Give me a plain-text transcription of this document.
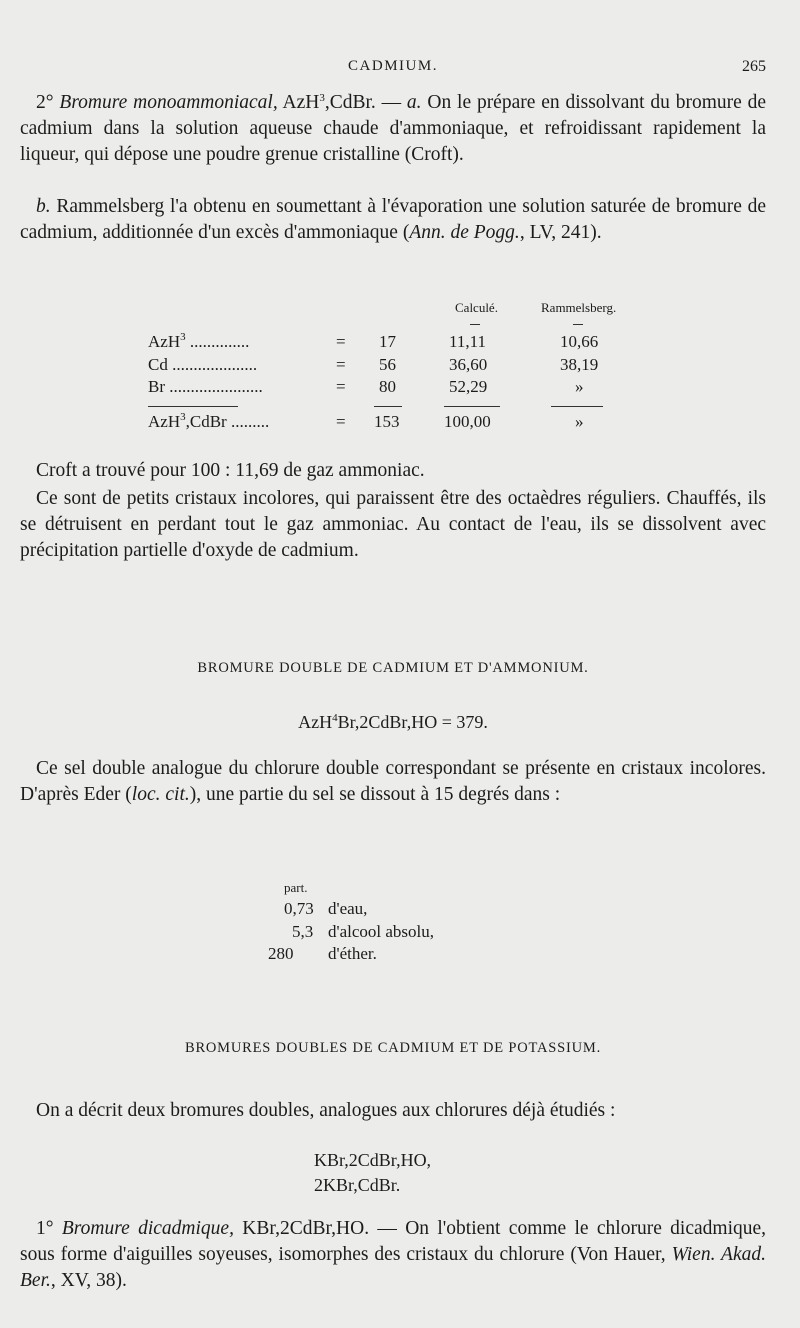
CADMIUM.	265

2° Bromure monoammoniacal, AzH$^3$,CdBr. — a. On le prépare en dissolvant du bromure de cadmium dans la solution aqueuse chaude d'ammoniaque, et refroidissant rapidement la liqueur, qui dépose une poudre grenue cristalline (Croft).

b. Rammelsberg l'a obtenu en soumettant à l'évaporation une solution saturée de bromure de cadmium, additionnée d'un excès d'ammoniaque (Ann. de Pogg., LV, 241).

Calculé.	Rammelsberg.
AzH$^3$ ..............	= 17	11,11	10,66
Cd ....................	= 56	36,60	38,19
Br ......................	= 80	52,29	»
AzH$^3$,CdBr .........	= 153	100,00	»

Croft a trouvé pour 100 : 11,69 de gaz ammoniac.

Ce sont de petits cristaux incolores, qui paraissent être des octaèdres réguliers. Chauffés, ils se détruisent en perdant tout le gaz ammoniac. Au contact de l'eau, ils se dissolvent avec précipitation partielle d'oxyde de cadmium.

BROMURE DOUBLE DE CADMIUM ET D'AMMONIUM.
AzH$^4$Br,2CdBr,HO = 379.

Ce sel double analogue du chlorure double correspondant se présente en cristaux incolores. D'après Eder (loc. cit.), une partie du sel se dissout à 15 degrés dans :

part.
0,73 d'eau,
5,3 d'alcool absolu,
280 d'éther.
BROMURES DOUBLES DE CADMIUM ET DE POTASSIUM.

On a décrit deux bromures doubles, analogues aux chlorures déjà étudiés :

KBr,2CdBr,HO,
2KBr,CdBr.

1° Bromure dicadmique, KBr,2CdBr,HO. — On l'obtient comme le chlorure dicadmique, sous forme d'aiguilles soyeuses, isomorphes des cristaux du chlorure (Von Hauer, Wien. Akad. Ber., XV, 38).
